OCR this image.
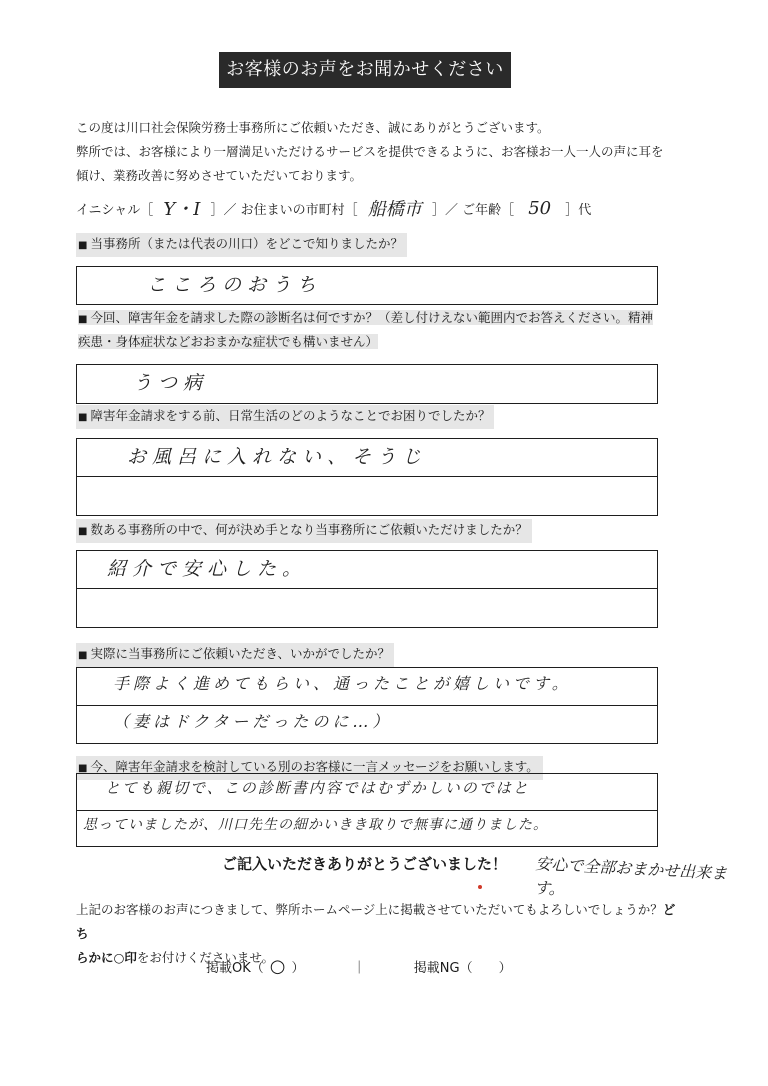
お客様のお声をお聞かせください

この度は川口社会保険労務士事務所にご依頼いただき、誠にありがとうございます。

弊所では、お客様により一層満足いただけるサービスを提供できるように、お客様お一人一人の声に耳を

傾け、業務改善に努めさせていただいております。

イニシャル［ Y・I ］／ お住まいの市町村［ 船橋市 ］／ ご年齢［ 50 ］代
■ 当事務所（または代表の川口）をどこで知りましたか？
こころのおうち
■ 今回、障害年金を請求した際の診断名は何ですか？（差し付けえない範囲内でお答えください。精神
疾患・身体症状などおおまかな症状でも構いません）
うつ病
■ 障害年金請求をする前、日常生活のどのようなことでお困りでしたか？
お風呂に入れない、そうじ
■ 数ある事務所の中で、何が決め手となり当事務所にご依頼いただけましたか？
紹介で安心した。
■ 実際に当事務所にご依頼いただき、いかがでしたか？
手際よく進めてもらい、通ったことが嬉しいです。
（妻はドクターだったのに…）
■ 今、障害年金請求を検討している別のお客様に一言メッセージをお願いします。
とても親切で、この診断書内容ではむずかしいのではと
思っていましたが、川口先生の細かいきき取りで無事に通りました。
ご記入いただきありがとうございました！ 安心で全部おまかせ出来ます。
上記のお客様のお声につきまして、弊所ホームページ上に掲載させていただいてもよろしいでしょうか？どち
らかに○印をお付けくださいませ。
掲載OK（ ○ ）	｜	掲載NG（　　）
